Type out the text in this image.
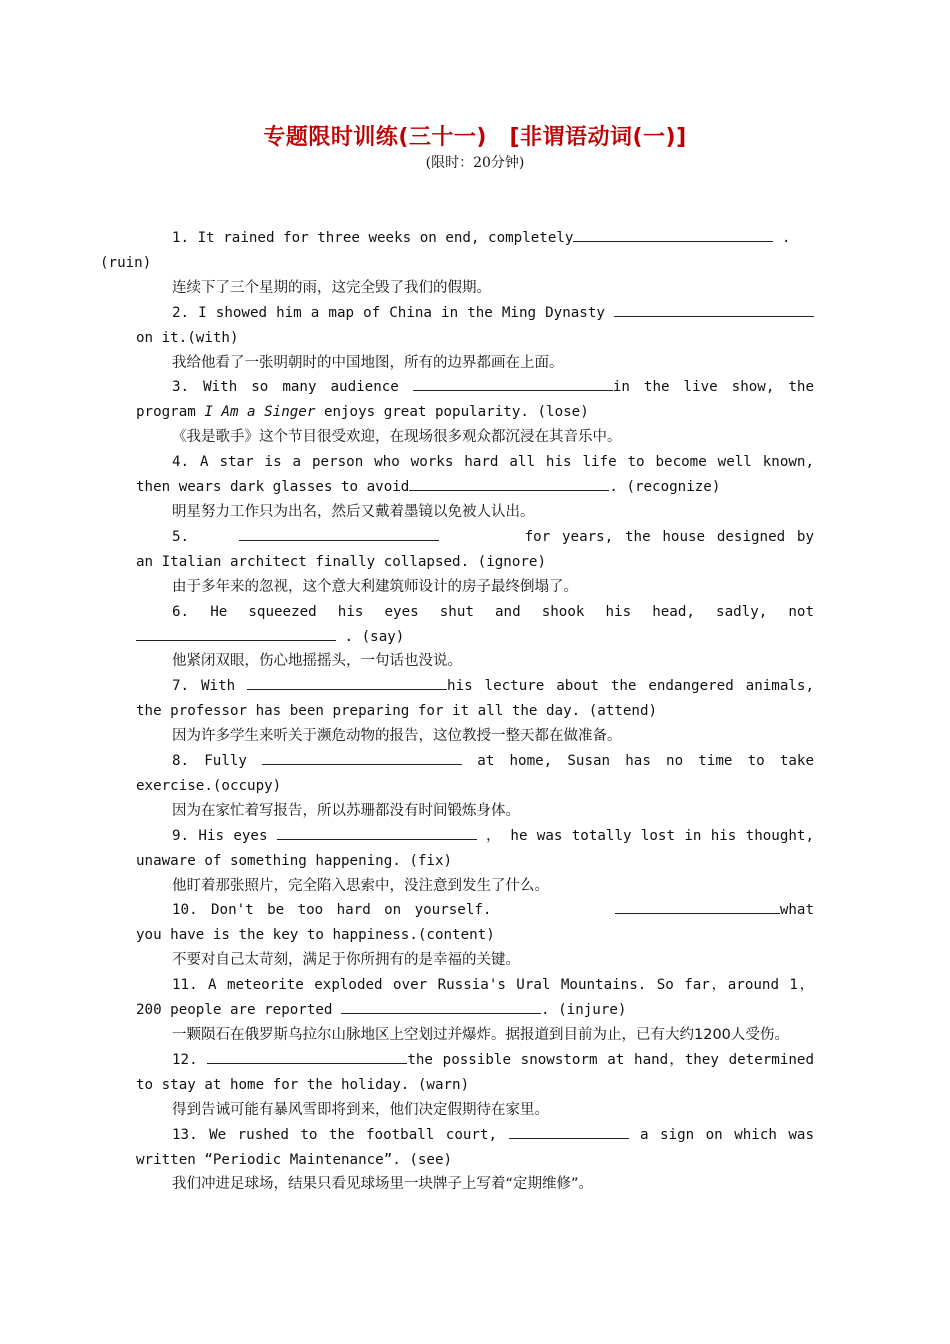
专题限时训练(三十一)　[非谓语动词(一)]
(限时：20分钟)

1. It rained for three weeks on end, completely	.
(ruin)

连续下了三个星期的雨，这完全毁了我们的假期。

2. I showed him a map of China in the Ming Dynasty on it.(with)

我给他看了一张明朝时的中国地图，所有的边界都画在上面。

3. With so many audience	in the live show, the program I Am a Singer enjoys great popularity. (lose)

《我是歌手》这个节目很受欢迎，在现场很多观众都沉浸在其音乐中。

4. A star is a person who works hard all his life to become well known, then wears dark glasses to avoid	. (recognize)

明星努力工作只为出名，然后又戴着墨镜以免被人认出。

5.	for years, the house designed by an Italian architect finally collapsed. (ignore)

由于多年来的忽视，这个意大利建筑师设计的房子最终倒塌了。

6. He squeezed his eyes shut and shook his head, sadly, not  . (say)

他紧闭双眼，伤心地摇摇头，一句话也没说。

7. With	his lecture about the endangered animals, the professor has been preparing for it all the day. (attend)

因为许多学生来听关于濒危动物的报告，这位教授一整天都在做准备。

8. Fully	at home, Susan has no time to take exercise.(occupy)

因为在家忙着写报告，所以苏珊都没有时间锻炼身体。

9. His eyes	， he was totally lost in his thought, unaware of something happening. (fix)

他盯着那张照片，完全陷入思索中，没注意到发生了什么。

10. Don't be too hard on yourself.	what you have is the key to happiness.(content)

不要对自己太苛刻，满足于你所拥有的是幸福的关键。

11. A meteorite exploded over Russia's Ural Mountains. So far，around 1，200 people are reported	. (injure)

一颗陨石在俄罗斯乌拉尔山脉地区上空划过并爆炸。据报道到目前为止，已有大约1200人受伤。

12.	the possible snowstorm at hand，they determined to stay at home for the holiday. (warn)

得到告诫可能有暴风雪即将到来，他们决定假期待在家里。

13. We rushed to the football court,	a sign on which was written “Periodic Maintenance”. (see)

我们冲进足球场，结果只看见球场里一块牌子上写着“定期维修”。
